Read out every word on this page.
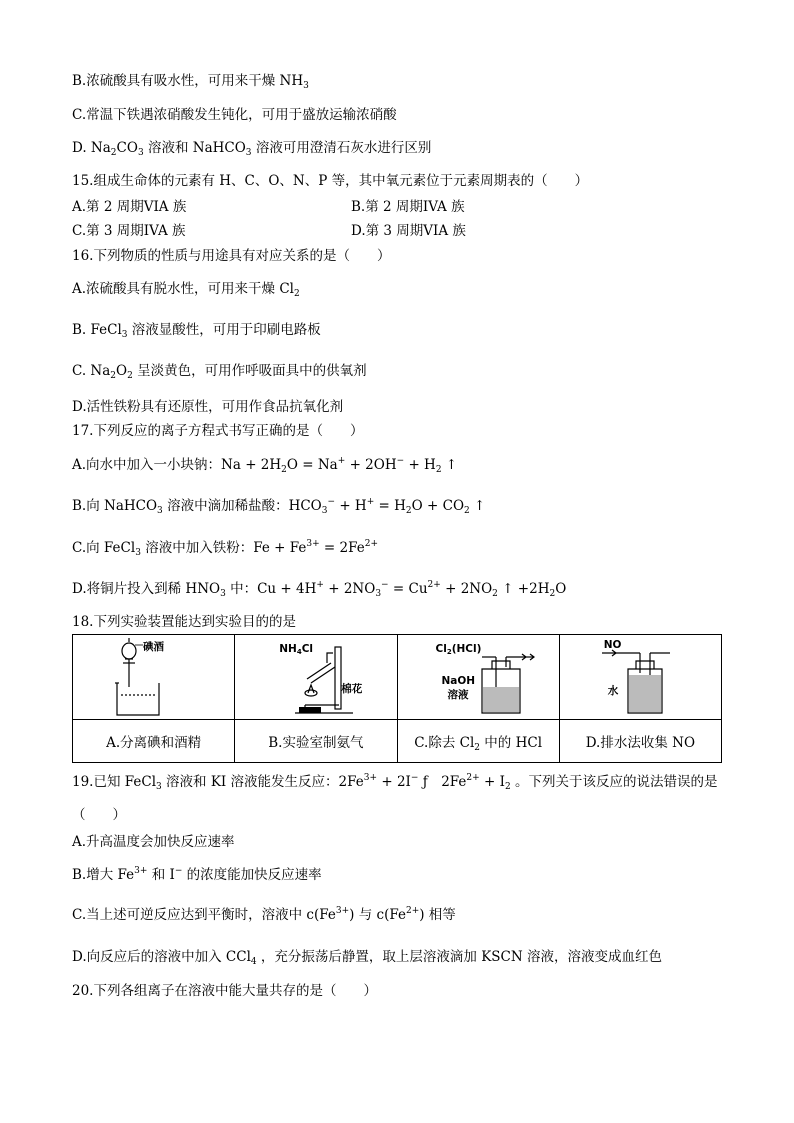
B.浓硫酸具有吸水性，可用来干燥 $NH_3$
C.常温下铁遇浓硝酸发生钝化，可用于盛放运输浓硝酸
D. $Na_2CO_3$ 溶液和 NaHCO$_3$ 溶液可用澄清石灰水进行区别
15.组成生命体的元素有 H、C、O、N、P 等，其中氧元素位于元素周期表的（　　）
A.第 2 周期VIA 族	B.第 2 周期IVA 族
C.第 3 周期IVA 族	D.第 3 周期VIA 族
16.下列物质的性质与用途具有对应关系的是（　　）
A.浓硫酸具有脱水性，可用来干燥 $Cl_2$
B. FeCl$_3$ 溶液显酸性，可用于印刷电路板
C. $Na_2O_2$ 呈淡黄色，可用作呼吸面具中的供氧剂
D.活性铁粉具有还原性，可用作食品抗氧化剂
17.下列反应的离子方程式书写正确的是（　　）
A.向水中加入一小块钠：$Na + 2H_2O = Na^+ + 2OH^- + H_2$ ↑
B.向 NaHCO$_3$ 溶液中滴加稀盐酸：$HCO_3^- + H^+ = H_2O + CO_2$ ↑
C.向 FeCl$_3$ 溶液中加入铁粉：$Fe + Fe^{3+} = 2Fe^{2+}$
D.将铜片投入到稀 $HNO_3$ 中：$Cu + 4H^+ + 2NO_3^- = Cu^{2+} + 2NO_2$ ↑ $+2H_2O$
18.下列实验装置能达到实验目的的是
碘酒	$NH_4Cl$
棉花	$Cl_2(HCl)$
NaOH
溶液	NO
水

A.分离碘和酒精	B.实验室制氨气	C.除去 $Cl_2$ 中的 HCl	D.排水法收集 NO
19.已知 FeCl$_3$ 溶液和 KI 溶液能发生反应：$2Fe^{3+} + 2I^-$ ƒ　$2Fe^{2+} + I_2$ 。下列关于该反应的说法错误的是
（　　）
A.升高温度会加快反应速率
B.增大 $Fe^{3+}$ 和 I− 的浓度能加快反应速率
C.当上述可逆反应达到平衡时，溶液中 $c(Fe^{3+})$ 与 $c(Fe^{2+})$ 相等
D.向反应后的溶液中加入 CCl$_4$ ，充分振荡后静置，取上层溶液滴加 KSCN 溶液，溶液变成血红色
20.下列各组离子在溶液中能大量共存的是（　　）
